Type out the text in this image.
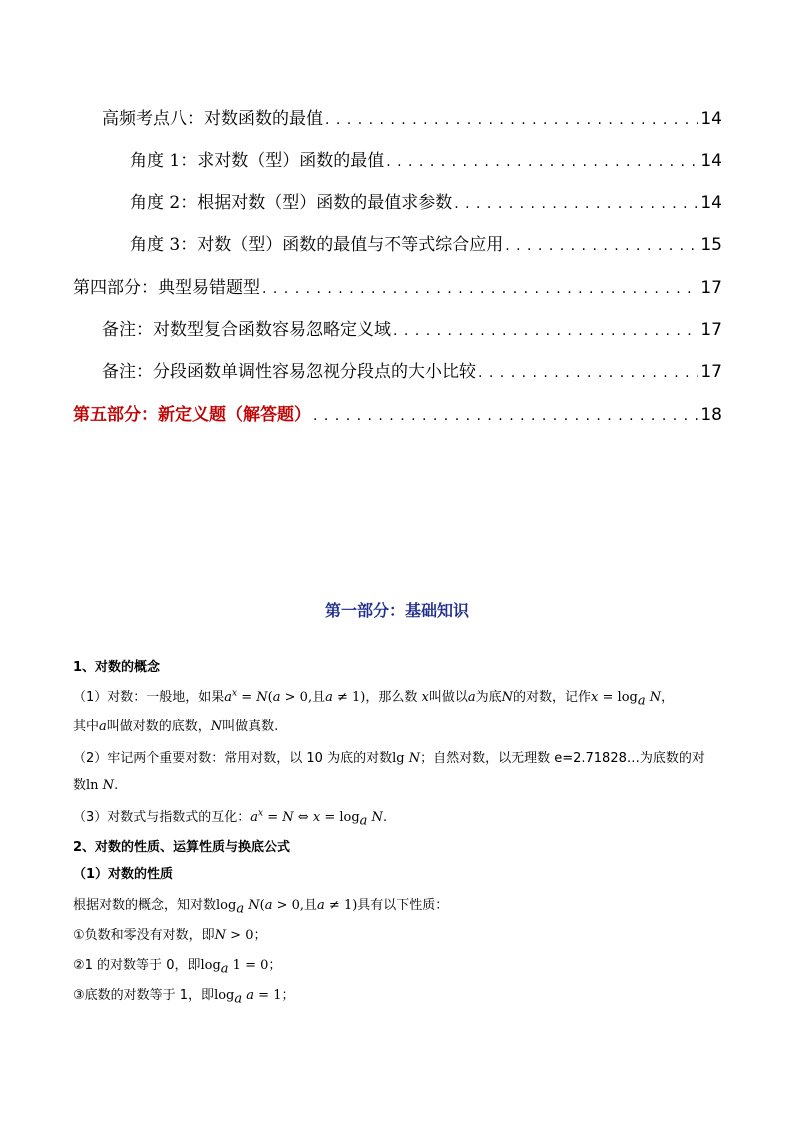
高频考点八：对数函数的最值 . . .	14
角度 1：求对数（型）函数的最值 . . .	14
角度 2：根据对数（型）函数的最值求参数 . . .	14
角度 3：对数（型）函数的最值与不等式综合应用 . . .	15
第四部分：典型易错题型 . . .	17
备注：对数型复合函数容易忽略定义域 . . .	17
备注：分段函数单调性容易忽视分段点的大小比较 . . .	17
第五部分：新定义题（解答题） . . .	18
第一部分：基础知识
1、对数的概念
（1）对数：一般地，如果$a^x = N(a > 0$,且a ≠ 1)，那么数 x叫做以a为底N的对数，记作$x = \log_a N$，
其中a叫做对数的底数，N叫做真数.
（2）牢记两个重要对数：常用对数，以 10 为底的对数lg N；自然对数，以无理数 e=2.71828…为底数的对
数ln N.
（3）对数式与指数式的互化：$a^x = N$ ⇔ $x = \log_a N$.
2、对数的性质、运算性质与换底公式
（1）对数的性质
根据对数的概念，知对数$\log_a N(a > 0$,且a ≠ 1)具有以下性质：
①负数和零没有对数，即N > 0；
②1 的对数等于 0，即$\log_a 1 = 0$；
③底数的对数等于 1，即$\log_a a = 1$；
